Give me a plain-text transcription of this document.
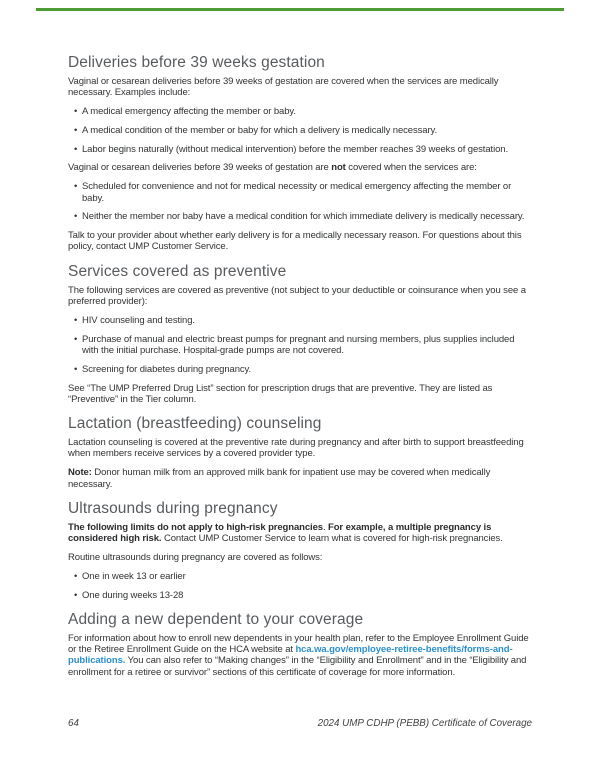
Deliveries before 39 weeks gestation

Vaginal or cesarean deliveries before 39 weeks of gestation are covered when the services are medically necessary. Examples include:

• A medical emergency affecting the member or baby.
• A medical condition of the member or baby for which a delivery is medically necessary.
• Labor begins naturally (without medical intervention) before the member reaches 39 weeks of gestation.

Vaginal or cesarean deliveries before 39 weeks of gestation are not covered when the services are:

• Scheduled for convenience and not for medical necessity or medical emergency affecting the member or baby.
• Neither the member nor baby have a medical condition for which immediate delivery is medically necessary.

Talk to your provider about whether early delivery is for a medically necessary reason. For questions about this policy, contact UMP Customer Service.

Services covered as preventive

The following services are covered as preventive (not subject to your deductible or coinsurance when you see a preferred provider):

• HIV counseling and testing.
• Purchase of manual and electric breast pumps for pregnant and nursing members, plus supplies included with the initial purchase. Hospital-grade pumps are not covered.
• Screening for diabetes during pregnancy.

See “The UMP Preferred Drug List” section for prescription drugs that are preventive. They are listed as “Preventive” in the Tier column.

Lactation (breastfeeding) counseling

Lactation counseling is covered at the preventive rate during pregnancy and after birth to support breastfeeding when members receive services by a covered provider type.

Note: Donor human milk from an approved milk bank for inpatient use may be covered when medically necessary.

Ultrasounds during pregnancy

The following limits do not apply to high-risk pregnancies. For example, a multiple pregnancy is considered high risk. Contact UMP Customer Service to learn what is covered for high-risk pregnancies.

Routine ultrasounds during pregnancy are covered as follows:

• One in week 13 or earlier
• One during weeks 13-28
Adding a new dependent to your coverage

For information about how to enroll new dependents in your health plan, refer to the Employee Enrollment Guide or the Retiree Enrollment Guide on the HCA website at hca.wa.gov/employee-retiree-benefits/forms-and-publications. You can also refer to “Making changes” in the “Eligibility and Enrollment” and in the “Eligibility and enrollment for a retiree or survivor” sections of this certificate of coverage for more information.

64	2024 UMP CDHP (PEBB) Certificate of Coverage
